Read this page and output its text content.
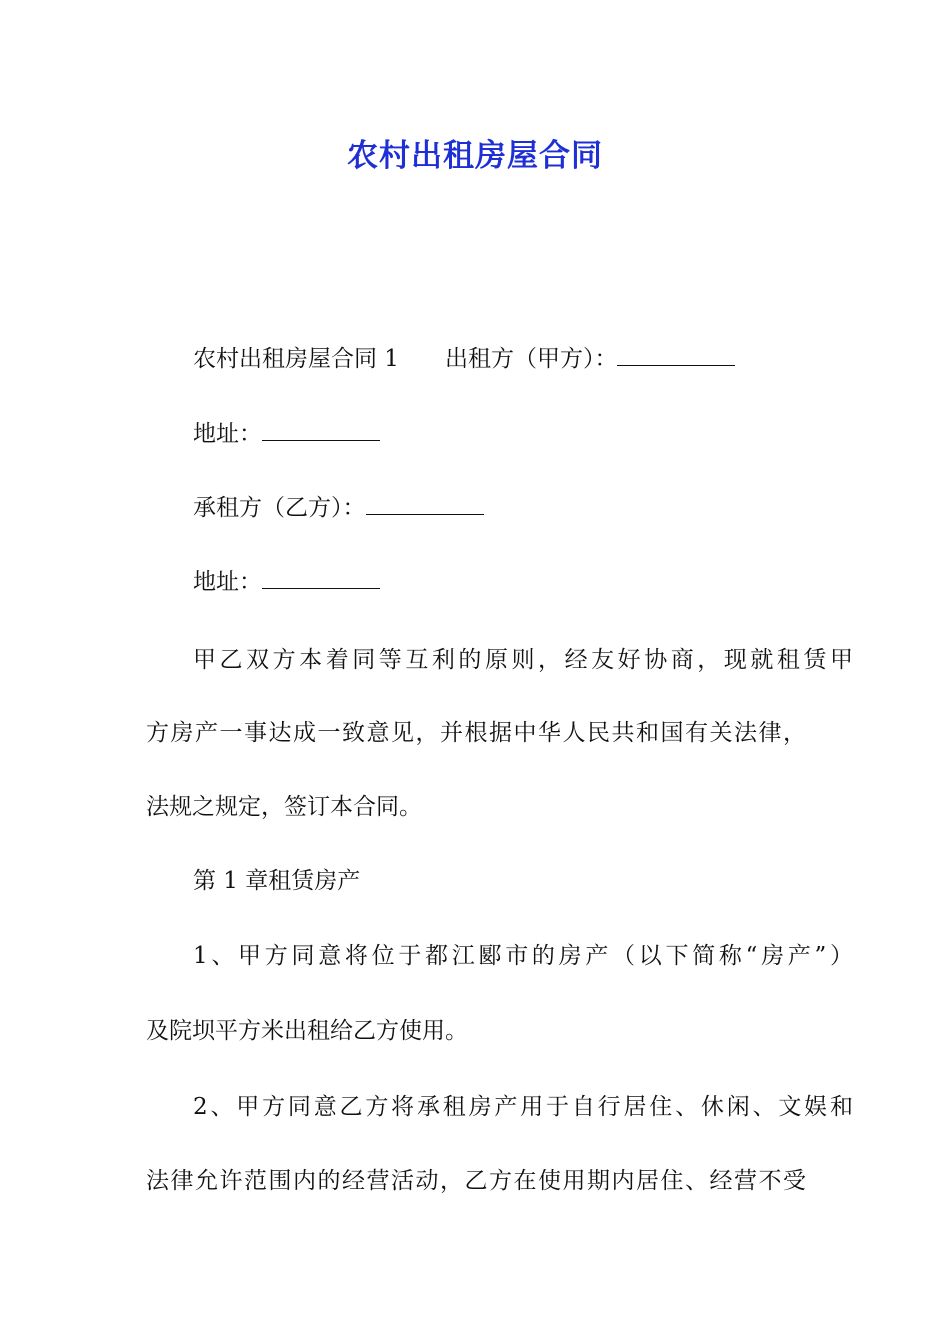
农村出租房屋合同

农村出租房屋合同 1 出租方（甲方）：

地址：

承租方（乙方）：

地址：

甲乙双方本着同等互利的原则，经友好协商，现就租赁甲

方房产一事达成一致意见，并根据中华人民共和国有关法律，

法规之规定，签订本合同。

第 1 章租赁房产

1、甲方同意将位于都江郾市的房产（以下简称“房产”）

及院坝平方米出租给乙方使用。

2、甲方同意乙方将承租房产用于自行居住、休闲、文娱和

法律允许范围内的经营活动，乙方在使用期内居住、经营不受
